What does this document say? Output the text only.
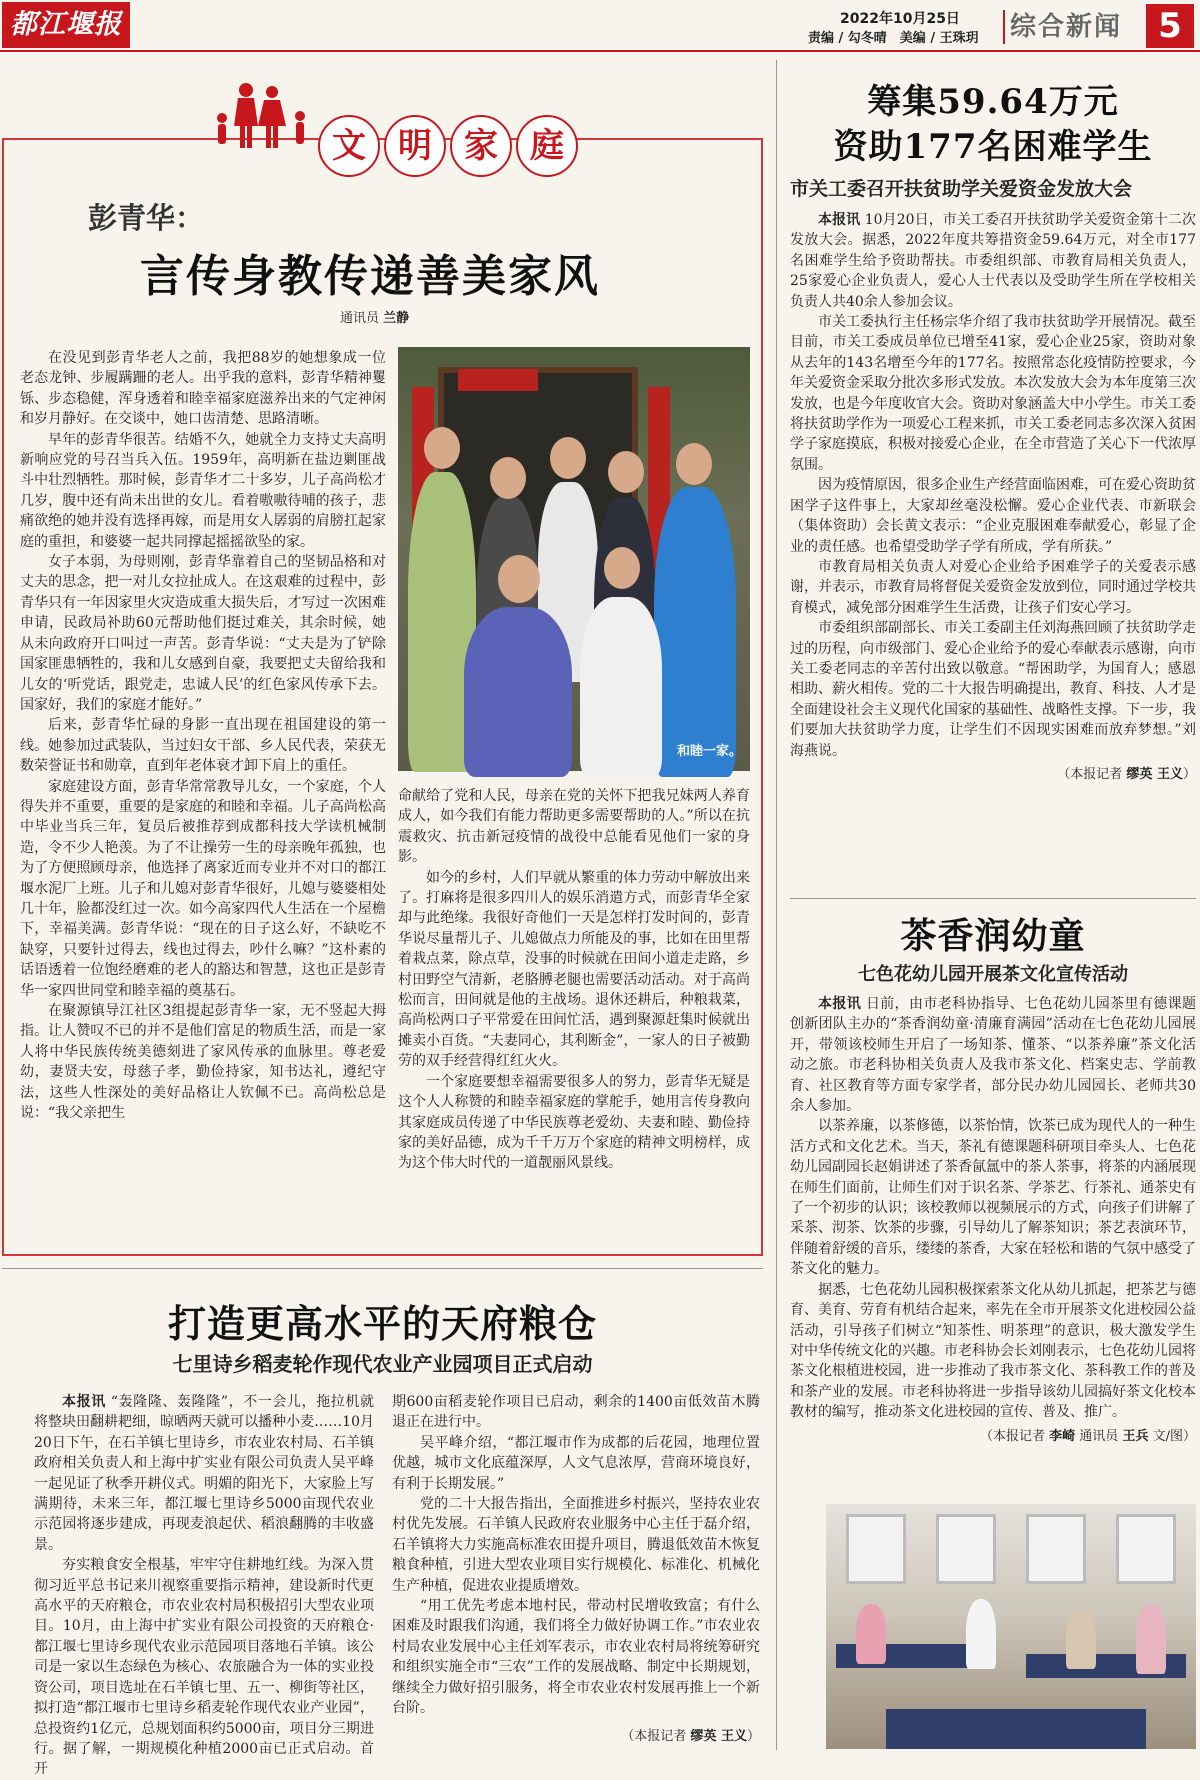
都江堰报	2022年10月25日
责编 / 勾冬晴　美编 / 王珠玥 综合新闻	5
文 明 家 庭
彭青华：
言传身教传递善美家风
通讯员 兰静
和睦一家。

在没见到彭青华老人之前，我把88岁的她想象成一位老态龙钟、步履蹒跚的老人。出乎我的意料，彭青华精神矍铄、步态稳健，浑身透着和睦幸福家庭滋养出来的气定神闲和岁月静好。在交谈中，她口齿清楚、思路清晰。

早年的彭青华很苦。结婚不久，她就全力支持丈夫高明新响应党的号召当兵入伍。1959年，高明新在盐边剿匪战斗中壮烈牺牲。那时候，彭青华才二十多岁，儿子高尚松才几岁，腹中还有尚未出世的女儿。看着嗷嗷待哺的孩子，悲痛欲绝的她并没有选择再嫁，而是用女人孱弱的肩膀扛起家庭的重担，和婆婆一起共同撑起摇摇欲坠的家。

女子本弱，为母则刚，彭青华靠着自己的坚韧品格和对丈夫的思念，把一对儿女拉扯成人。在这艰难的过程中，彭青华只有一年因家里火灾造成重大损失后，才写过一次困难申请，民政局补助60元帮助他们挺过难关，其余时候，她从未向政府开口叫过一声苦。彭青华说：“丈夫是为了铲除国家匪患牺牲的，我和儿女感到自豪，我要把丈夫留给我和儿女的‘听党话，跟党走，忠诚人民’的红色家风传承下去。国家好，我们的家庭才能好。”

后来，彭青华忙碌的身影一直出现在祖国建设的第一线。她参加过武装队，当过妇女干部、乡人民代表，荣获无数荣誉证书和勋章，直到年老体衰才卸下肩上的重任。

家庭建设方面，彭青华常常教导儿女，一个家庭，个人得失并不重要，重要的是家庭的和睦和幸福。儿子高尚松高中毕业当兵三年，复员后被推荐到成都科技大学读机械制造，令不少人艳羡。为了不让操劳一生的母亲晚年孤独，也为了方便照顾母亲，他选择了离家近而专业并不对口的都江堰水泥厂上班。儿子和儿媳对彭青华很好，儿媳与婆婆相处几十年，脸都没红过一次。如今高家四代人生活在一个屋檐下，幸福美满。彭青华说：“现在的日子这么好，不缺吃不缺穿，只要针过得去，线也过得去，吵什么嘛？”这朴素的话语透着一位饱经磨难的老人的豁达和智慧，这也正是彭青华一家四世同堂和睦幸福的奠基石。

在聚源镇导江社区3组提起彭青华一家，无不竖起大拇指。让人赞叹不已的并不是他们富足的物质生活，而是一家人将中华民族传统美德刻进了家风传承的血脉里。尊老爱幼，妻贤夫安，母慈子孝，勤俭持家，知书达礼，遵纪守法，这些人性深处的美好品格让人钦佩不已。高尚松总是说：“我父亲把生

命献给了党和人民，母亲在党的关怀下把我兄妹两人养育成人，如今我们有能力帮助更多需要帮助的人。”所以在抗震救灾、抗击新冠疫情的战役中总能看见他们一家的身影。

如今的乡村，人们早就从繁重的体力劳动中解放出来了。打麻将是很多四川人的娱乐消遣方式，而彭青华全家却与此绝缘。我很好奇他们一天是怎样打发时间的，彭青华说尽量帮儿子、儿媳做点力所能及的事，比如在田里帮着栽点菜，除点草，没事的时候就在田间小道走走路，乡村田野空气清新，老胳膊老腿也需要活动活动。对于高尚松而言，田间就是他的主战场。退休还耕后，种粮栽菜，高尚松两口子平常爱在田间忙活，遇到聚源赶集时候就出摊卖小百货。“夫妻同心，其利断金”，一家人的日子被勤劳的双手经营得红红火火。

一个家庭要想幸福需要很多人的努力，彭青华无疑是这个人人称赞的和睦幸福家庭的掌舵手，她用言传身教向其家庭成员传递了中华民族尊老爱幼、夫妻和睦、勤俭持家的美好品德，成为千千万万个家庭的精神文明榜样，成为这个伟大时代的一道靓丽风景线。

筹集59.64万元
资助177名困难学生
市关工委召开扶贫助学关爱资金发放大会

本报讯 10月20日，市关工委召开扶贫助学关爱资金第十二次发放大会。据悉，2022年度共筹措资金59.64万元，对全市177名困难学生给予资助帮扶。市委组织部、市教育局相关负责人，25家爱心企业负责人，爱心人士代表以及受助学生所在学校相关负责人共40余人参加会议。

市关工委执行主任杨宗华介绍了我市扶贫助学开展情况。截至目前，市关工委成员单位已增至41家，爱心企业25家，资助对象从去年的143名增至今年的177名。按照常态化疫情防控要求，今年关爱资金采取分批次多形式发放。本次发放大会为本年度第三次发放，也是今年度收官大会。资助对象涵盖大中小学生。市关工委将扶贫助学作为一项爱心工程来抓，市关工委老同志多次深入贫困学子家庭摸底，积极对接爱心企业，在全市营造了关心下一代浓厚氛围。

因为疫情原因，很多企业生产经营面临困难，可在爱心资助贫困学子这件事上，大家却丝毫没松懈。爱心企业代表、市新联会（集体资助）会长黄文表示：“企业克服困难奉献爱心，彰显了企业的责任感。也希望受助学子学有所成，学有所获。”

市教育局相关负责人对爱心企业给予困难学子的关爱表示感谢，并表示，市教育局将督促关爱资金发放到位，同时通过学校共育模式，减免部分困难学生生活费，让孩子们安心学习。

市委组织部副部长、市关工委副主任刘海燕回顾了扶贫助学走过的历程，向市级部门、爱心企业给予的爱心奉献表示感谢，向市关工委老同志的辛苦付出致以敬意。“帮困助学，为国育人；感恩相助、薪火相传。党的二十大报告明确提出，教育、科技、人才是全面建设社会主义现代化国家的基础性、战略性支撑。下一步，我们要加大扶贫助学力度，让学生们不因现实困难而放弃梦想。”刘海燕说。

（本报记者 缪英 王义）
茶香润幼童
七色花幼儿园开展茶文化宣传活动

本报讯 日前，由市老科协指导、七色花幼儿园茶里有德课题创新团队主办的“茶香润幼童·清廉育满园”活动在七色花幼儿园展开，带领该校师生开启了一场知茶、懂茶、“以茶养廉”茶文化活动之旅。市老科协相关负责人及我市茶文化、档案史志、学前教育、社区教育等方面专家学者，部分民办幼儿园园长、老师共30余人参加。

以茶养廉，以茶修德，以茶怡情，饮茶已成为现代人的一种生活方式和文化艺术。当天，茶礼有德课题科研项目牵头人、七色花幼儿园副园长赵娟讲述了茶香氤氲中的茶人茶事，将茶的内涵展现在师生们面前，让师生们对于识名茶、学茶艺、行茶礼、通茶史有了一个初步的认识；该校教师以视频展示的方式，向孩子们讲解了采茶、沏茶、饮茶的步骤，引导幼儿了解茶知识；茶艺表演环节，伴随着舒缓的音乐，缕缕的茶香，大家在轻松和谐的气氛中感受了茶文化的魅力。

据悉，七色花幼儿园积极探索茶文化从幼儿抓起，把茶艺与德育、美育、劳育有机结合起来，率先在全市开展茶文化进校园公益活动，引导孩子们树立“知茶性、明茶理”的意识，极大激发学生对中华传统文化的兴趣。市老科协会长刘刚表示，七色花幼儿园将茶文化根植进校园，进一步推动了我市茶文化、茶科教工作的普及和茶产业的发展。市老科协将进一步指导该幼儿园搞好茶文化校本教材的编写，推动茶文化进校园的宣传、普及、推广。

（本报记者 李崎 通讯员 王兵 文/图）
打造更高水平的天府粮仓
七里诗乡稻麦轮作现代农业产业园项目正式启动

本报讯 “轰隆隆、轰隆隆”，不一会儿，拖拉机就将整块田翻耕耙细，晾晒两天就可以播种小麦……10月20日下午，在石羊镇七里诗乡，市农业农村局、石羊镇政府相关负责人和上海中扩实业有限公司负责人吴平峰一起见证了秋季开耕仪式。明媚的阳光下，大家脸上写满期待，未来三年，都江堰七里诗乡5000亩现代农业示范园将逐步建成，再现麦浪起伏、稻浪翻腾的丰收盛景。

夯实粮食安全根基，牢牢守住耕地红线。为深入贯彻习近平总书记来川视察重要指示精神，建设新时代更高水平的天府粮仓，市农业农村局积极招引大型农业项目。10月，由上海中扩实业有限公司投资的天府粮仓·都江堰七里诗乡现代农业示范园项目落地石羊镇。该公司是一家以生态绿色为核心、农旅融合为一体的实业投资公司，项目选址在石羊镇七里、五一、柳街等社区，拟打造“都江堰市七里诗乡稻麦轮作现代农业产业园”，总投资约1亿元，总规划面积约5000亩，项目分三期进行。据了解，一期规模化种植2000亩已正式启动。首开

期600亩稻麦轮作项目已启动，剩余的1400亩低效苗木腾退正在进行中。

吴平峰介绍，“都江堰市作为成都的后花园，地理位置优越，城市文化底蕴深厚，人文气息浓厚，营商环境良好，有利于长期发展。”

党的二十大报告指出，全面推进乡村振兴，坚持农业农村优先发展。石羊镇人民政府农业服务中心主任于磊介绍，石羊镇将大力实施高标准农田提升项目，腾退低效苗木恢复粮食种植，引进大型农业项目实行规模化、标准化、机械化生产种植，促进农业提质增效。

“用工优先考虑本地村民，带动村民增收致富；有什么困难及时跟我们沟通，我们将全力做好协调工作。”市农业农村局农业发展中心主任刘军表示，市农业农村局将统筹研究和组织实施全市“三农”工作的发展战略、制定中长期规划，继续全力做好招引服务，将全市农业农村发展再推上一个新台阶。

（本报记者 缪英 王义）
